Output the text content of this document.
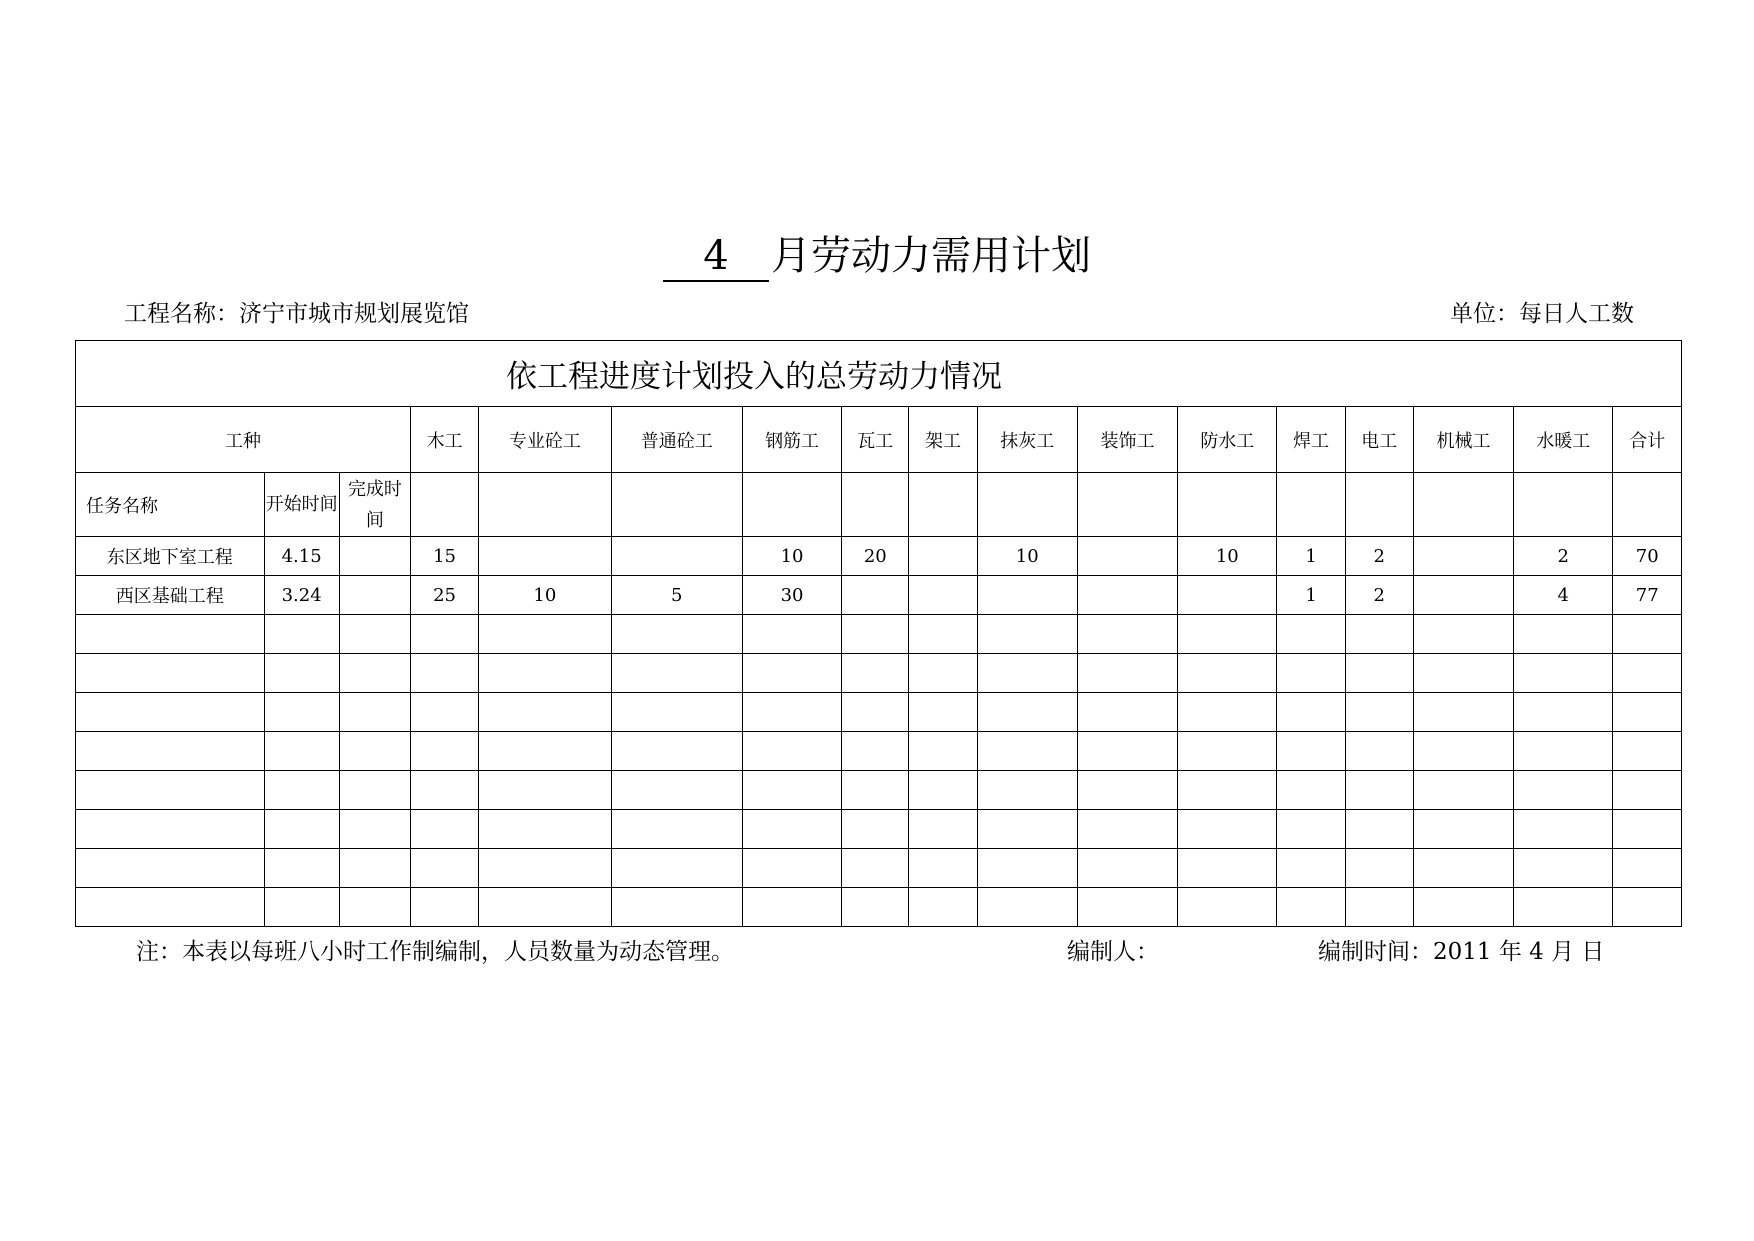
4 月劳动力需用计划
工程名称：济宁市城市规划展览馆	单位：每日人工数
依工程进度计划投入的总劳动力情况																
工种			木工	专业砼工	普通砼工	钢筋工	瓦工	架工	抹灰工	装饰工	防水工	焊工	电工	机械工	水暖工	合计
任务名称	开始时间	完成时间														
东区地下室工程	4.15		15			10	20		10		10	1	2		2	70
西区基础工程	3.24		25	10	5	30						1	2		4	77

注：本表以每班八小时工作制编制，人员数量为动态管理。	编制人：	编制时间：2011 年 4 月 日
